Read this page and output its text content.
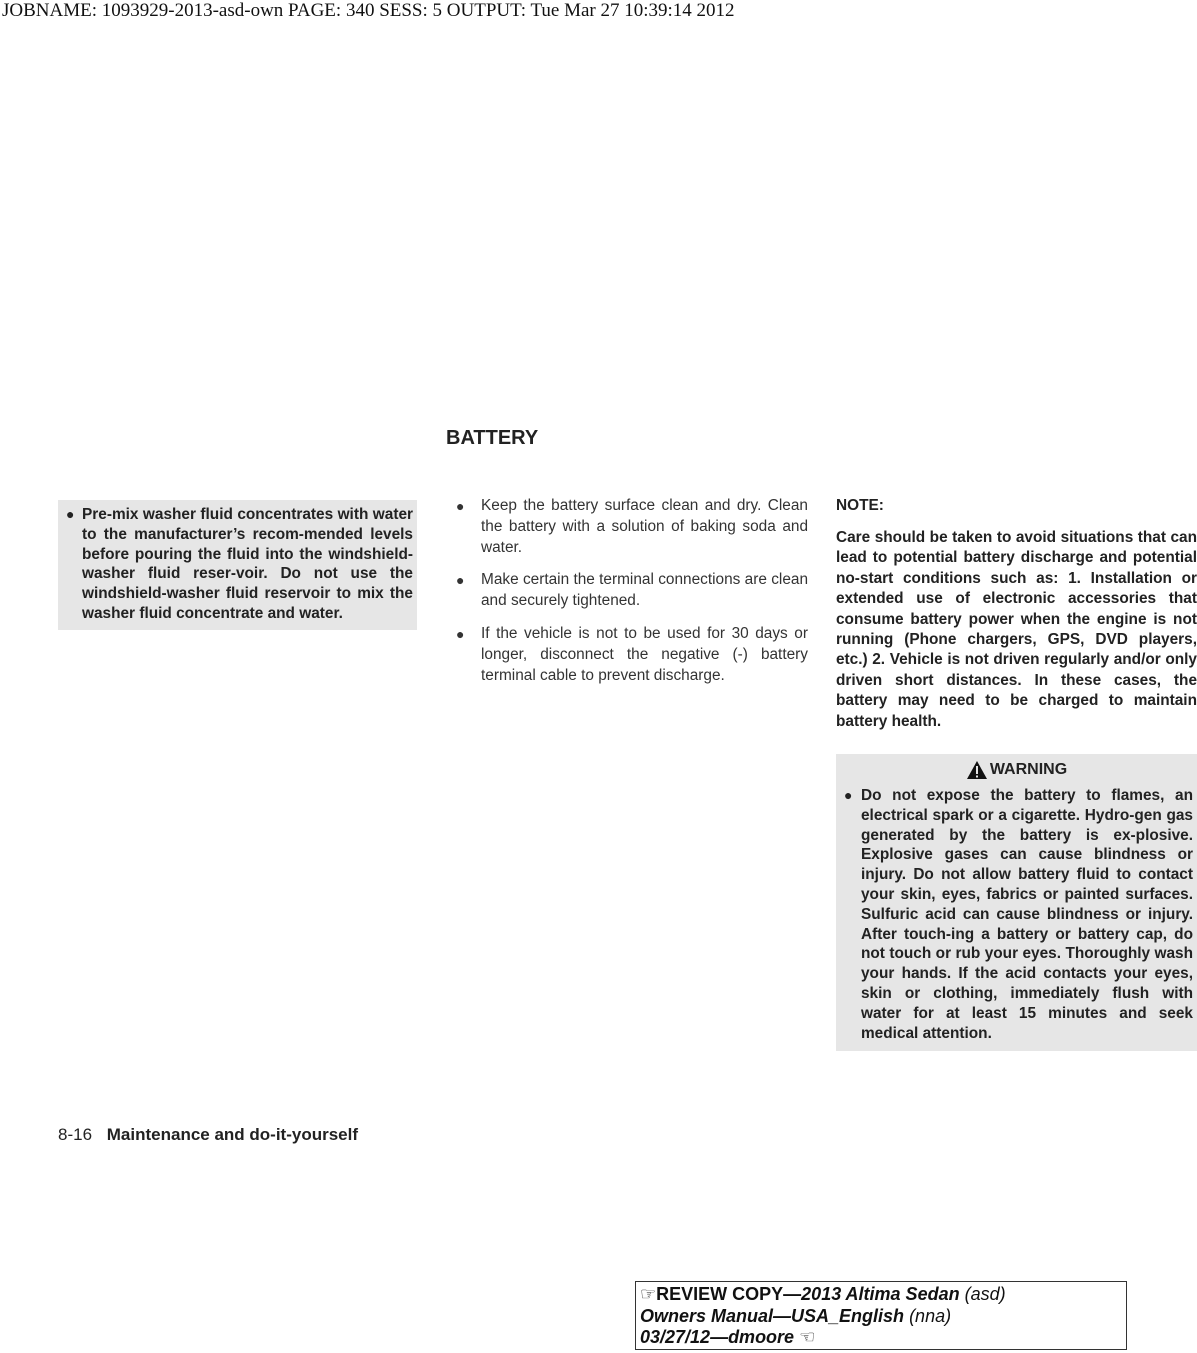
JOBNAME: 1093929-2013-asd-own PAGE: 340 SESS: 5 OUTPUT: Tue Mar 27 10:39:14 2012
BATTERY
● Pre-mix washer fluid concentrates with water to the manufacturer’s recom-mended levels before pouring the fluid into the windshield-washer fluid reser-voir. Do not use the windshield-washer fluid reservoir to mix the washer fluid concentrate and water.
● Keep the battery surface clean and dry. Clean the battery with a solution of baking soda and water.
● Make certain the terminal connections are clean and securely tightened.
● If the vehicle is not to be used for 30 days or longer, disconnect the negative (-) battery terminal cable to prevent discharge.
NOTE:
Care should be taken to avoid situations that can lead to potential battery discharge and potential no-start conditions such as: 1. Installation or extended use of electronic accessories that consume battery power when the engine is not running (Phone chargers, GPS, DVD players, etc.) 2. Vehicle is not driven regularly and/or only driven short distances. In these cases, the battery may need to be charged to maintain battery health.
WARNING
● Do not expose the battery to flames, an electrical spark or a cigarette. Hydro-gen gas generated by the battery is ex-plosive. Explosive gases can cause blindness or injury. Do not allow battery fluid to contact your skin, eyes, fabrics or painted surfaces. Sulfuric acid can cause blindness or injury. After touch-ing a battery or battery cap, do not touch or rub your eyes. Thoroughly wash your hands. If the acid contacts your eyes, skin or clothing, immediately flush with water for at least 15 minutes and seek medical attention.
8-16 Maintenance and do-it-yourself
☞REVIEW COPY—2013 Altima Sedan (asd)
Owners Manual—USA_English (nna)
03/27/12—dmoore ☜
